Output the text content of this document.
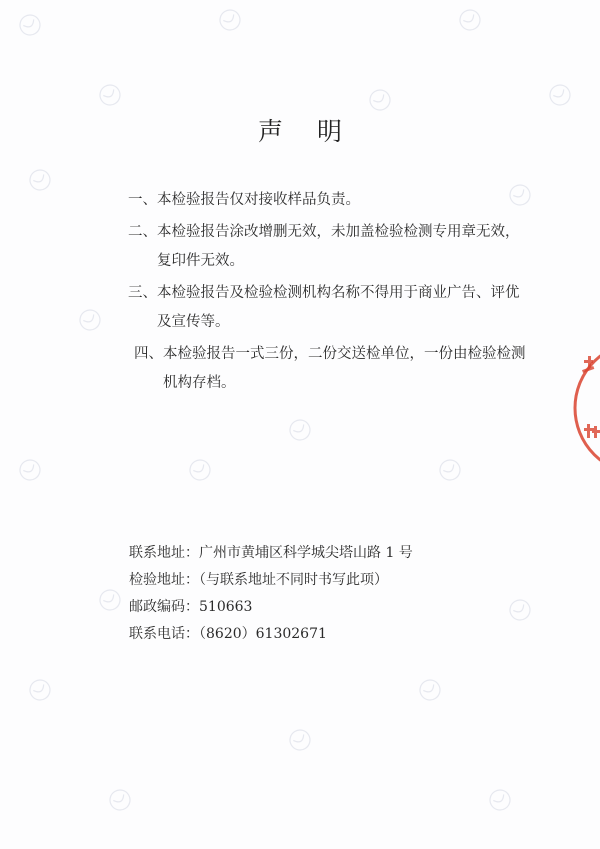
声明
一、 本检验报告仅对接收样品负责。
二、 本检验报告涂改增删无效，未加盖检验检测专用章无效，复印件无效。
三、 本检验报告及检验检测机构名称不得用于商业广告、评优及宣传等。
四、 本检验报告一式三份，二份交送检单位，一份由检验检测机构存档。
联系地址：广州市黄埔区科学城尖塔山路 1 号
检验地址：（与联系地址不同时书写此项）
邮政编码：510663
联系电话：（8620）61302671
